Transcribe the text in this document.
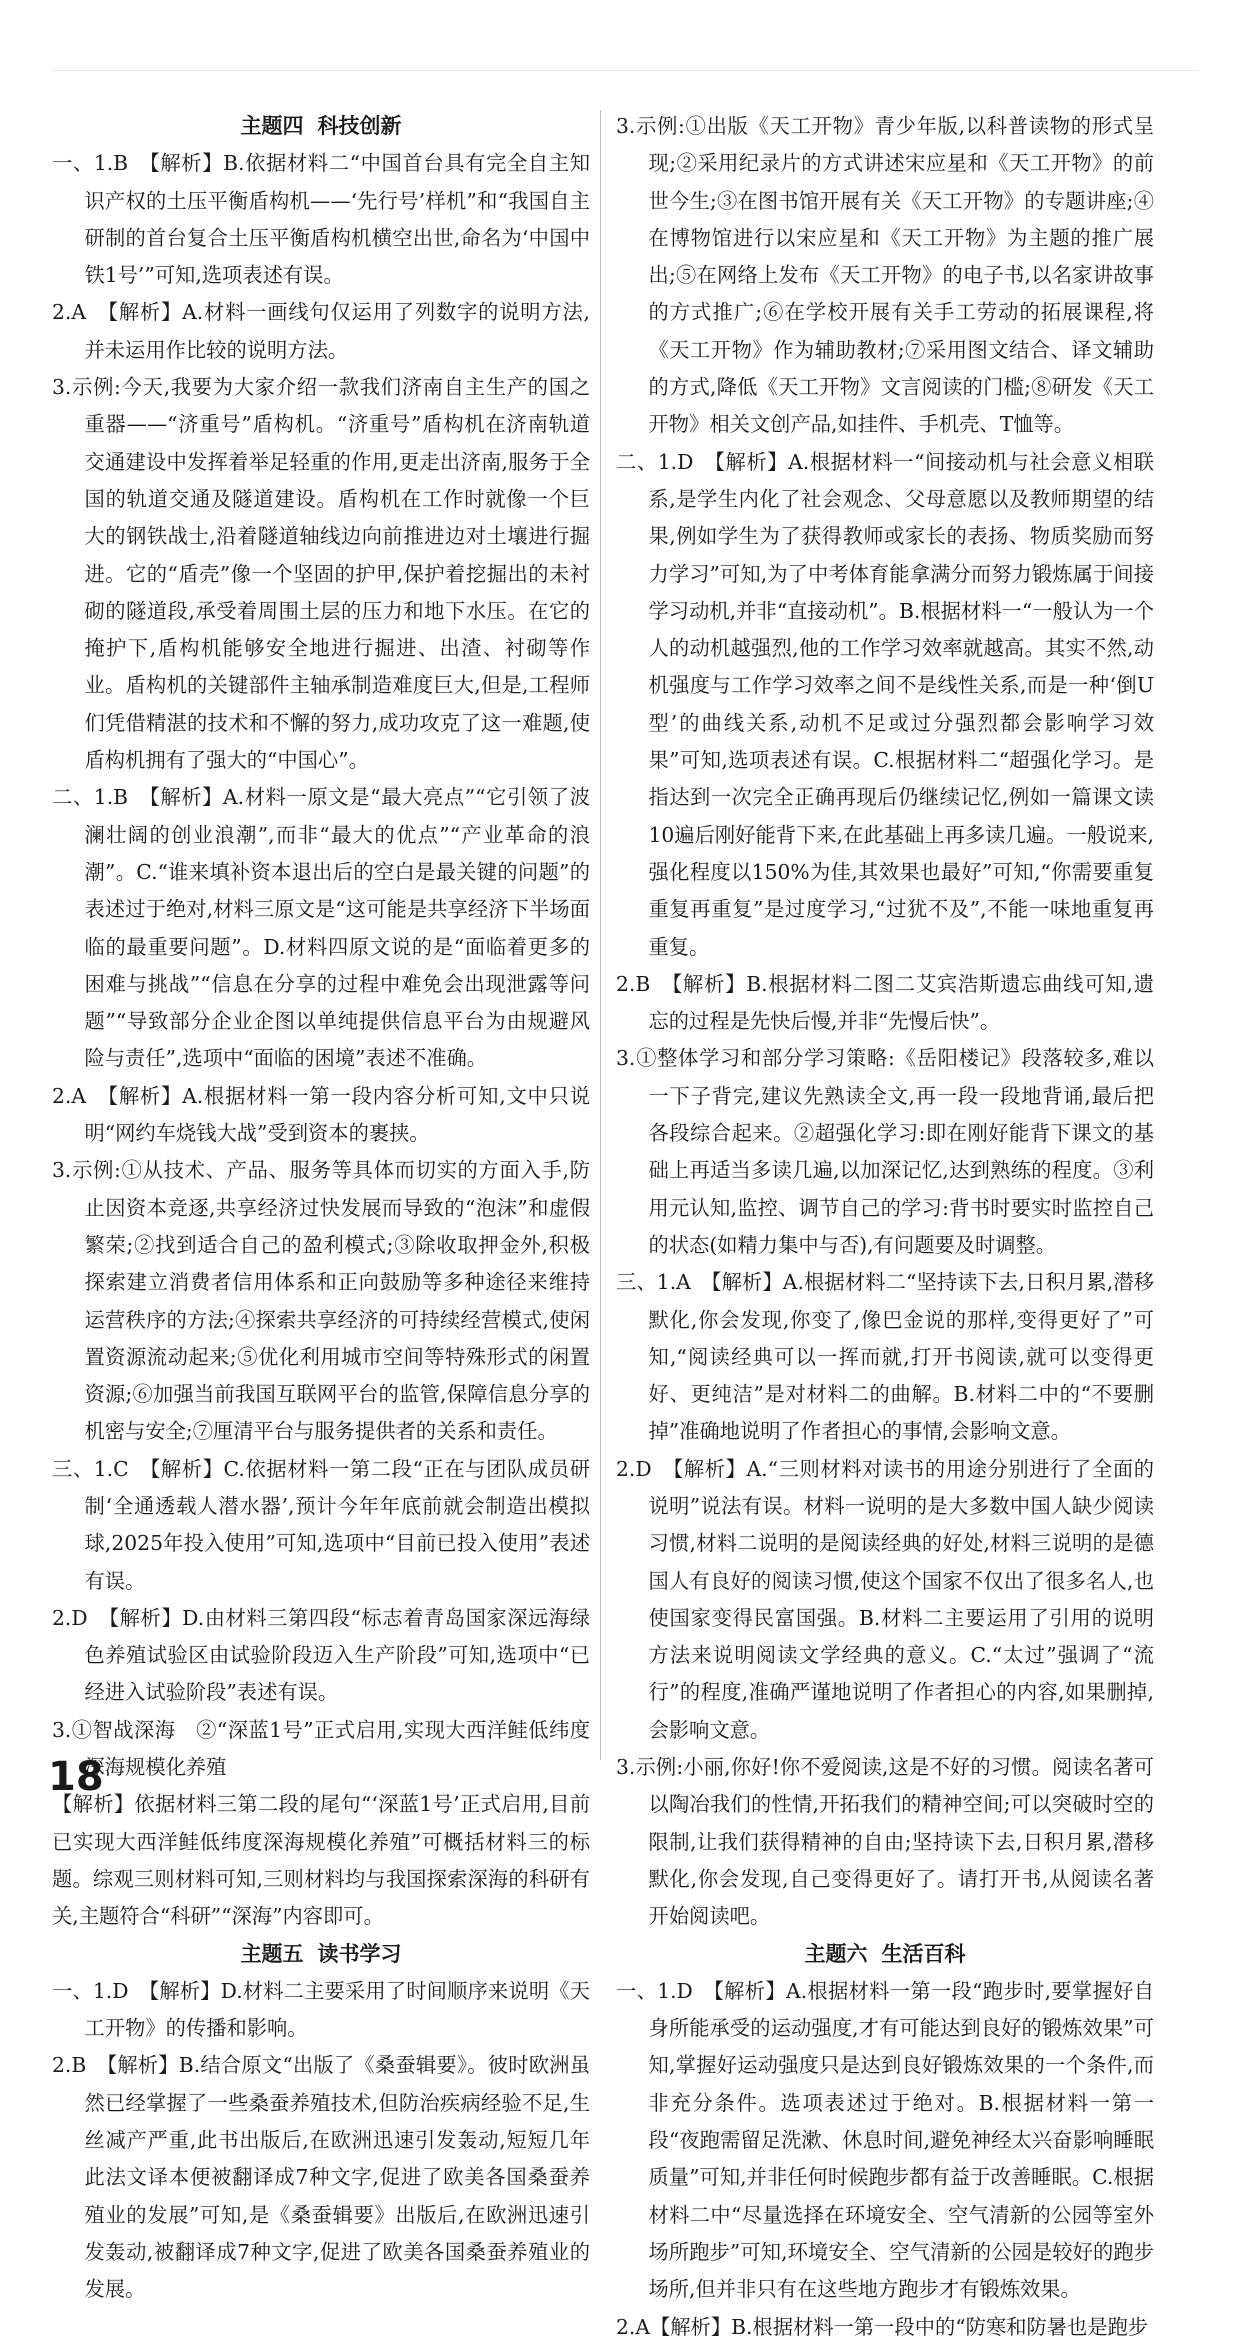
主题四 科技创新

一、1.B　【解析】B.依据材料二“中国首台具有完全自主知识产权的土压平衡盾构机——‘先行号’样机”和“我国自主研制的首台复合土压平衡盾构机横空出世,命名为‘中国中铁1号’”可知,选项表述有误。

2.A　【解析】A.材料一画线句仅运用了列数字的说明方法,并未运用作比较的说明方法。

3.示例:今天,我要为大家介绍一款我们济南自主生产的国之重器——“济重号”盾构机。“济重号”盾构机在济南轨道交通建设中发挥着举足轻重的作用,更走出济南,服务于全国的轨道交通及隧道建设。盾构机在工作时就像一个巨大的钢铁战士,沿着隧道轴线边向前推进边对土壤进行掘进。它的“盾壳”像一个坚固的护甲,保护着挖掘出的未衬砌的隧道段,承受着周围土层的压力和地下水压。在它的掩护下,盾构机能够安全地进行掘进、出渣、衬砌等作业。盾构机的关键部件主轴承制造难度巨大,但是,工程师们凭借精湛的技术和不懈的努力,成功攻克了这一难题,使盾构机拥有了强大的“中国心”。

二、1.B　【解析】A.材料一原文是“最大亮点”“它引领了波澜壮阔的创业浪潮”,而非“最大的优点”“产业革命的浪潮”。C.“谁来填补资本退出后的空白是最关键的问题”的表述过于绝对,材料三原文是“这可能是共享经济下半场面临的最重要问题”。D.材料四原文说的是“面临着更多的困难与挑战”“信息在分享的过程中难免会出现泄露等问题”“导致部分企业企图以单纯提供信息平台为由规避风险与责任”,选项中“面临的困境”表述不准确。

2.A　【解析】A.根据材料一第一段内容分析可知,文中只说明“网约车烧钱大战”受到资本的裹挟。

3.示例:①从技术、产品、服务等具体而切实的方面入手,防止因资本竞逐,共享经济过快发展而导致的“泡沫”和虚假繁荣;②找到适合自己的盈利模式;③除收取押金外,积极探索建立消费者信用体系和正向鼓励等多种途径来维持运营秩序的方法;④探索共享经济的可持续经营模式,使闲置资源流动起来;⑤优化利用城市空间等特殊形式的闲置资源;⑥加强当前我国互联网平台的监管,保障信息分享的机密与安全;⑦厘清平台与服务提供者的关系和责任。

三、1.C　【解析】C.依据材料一第二段“正在与团队成员研制‘全通透载人潜水器’,预计今年年底前就会制造出模拟球,2025年投入使用”可知,选项中“目前已投入使用”表述有误。

2.D　【解析】D.由材料三第四段“标志着青岛国家深远海绿色养殖试验区由试验阶段迈入生产阶段”可知,选项中“已经进入试验阶段”表述有误。

3.①智战深海　②“深蓝1号”正式启用,实现大西洋鲑低纬度深海规模化养殖

【解析】依据材料三第二段的尾句“‘深蓝1号’正式启用,目前已实现大西洋鲑低纬度深海规模化养殖”可概括材料三的标题。综观三则材料可知,三则材料均与我国探索深海的科研有关,主题符合“科研”“深海”内容即可。

主题五 读书学习

一、1.D　【解析】D.材料二主要采用了时间顺序来说明《天工开物》的传播和影响。

2.B　【解析】B.结合原文“出版了《桑蚕辑要》。彼时欧洲虽然已经掌握了一些桑蚕养殖技术,但防治疾病经验不足,生丝减产严重,此书出版后,在欧洲迅速引发轰动,短短几年此法文译本便被翻译成7种文字,促进了欧美各国桑蚕养殖业的发展”可知,是《桑蚕辑要》出版后,在欧洲迅速引发轰动,被翻译成7种文字,促进了欧美各国桑蚕养殖业的发展。

3.示例:①出版《天工开物》青少年版,以科普读物的形式呈现;②采用纪录片的方式讲述宋应星和《天工开物》的前世今生;③在图书馆开展有关《天工开物》的专题讲座;④在博物馆进行以宋应星和《天工开物》为主题的推广展出;⑤在网络上发布《天工开物》的电子书,以名家讲故事的方式推广;⑥在学校开展有关手工劳动的拓展课程,将《天工开物》作为辅助教材;⑦采用图文结合、译文辅助的方式,降低《天工开物》文言阅读的门槛;⑧研发《天工开物》相关文创产品,如挂件、手机壳、T恤等。

二、1.D　【解析】A.根据材料一“间接动机与社会意义相联系,是学生内化了社会观念、父母意愿以及教师期望的结果,例如学生为了获得教师或家长的表扬、物质奖励而努力学习”可知,为了中考体育能拿满分而努力锻炼属于间接学习动机,并非“直接动机”。B.根据材料一“一般认为一个人的动机越强烈,他的工作学习效率就越高。其实不然,动机强度与工作学习效率之间不是线性关系,而是一种‘倒U型’的曲线关系,动机不足或过分强烈都会影响学习效果”可知,选项表述有误。C.根据材料二“超强化学习。是指达到一次完全正确再现后仍继续记忆,例如一篇课文读10遍后刚好能背下来,在此基础上再多读几遍。一般说来,强化程度以150%为佳,其效果也最好”可知,“你需要重复重复再重复”是过度学习,“过犹不及”,不能一味地重复再重复。

2.B　【解析】B.根据材料二图二艾宾浩斯遗忘曲线可知,遗忘的过程是先快后慢,并非“先慢后快”。

3.①整体学习和部分学习策略:《岳阳楼记》段落较多,难以一下子背完,建议先熟读全文,再一段一段地背诵,最后把各段综合起来。②超强化学习:即在刚好能背下课文的基础上再适当多读几遍,以加深记忆,达到熟练的程度。③利用元认知,监控、调节自己的学习:背书时要实时监控自己的状态(如精力集中与否),有问题要及时调整。

三、1.A　【解析】A.根据材料二“坚持读下去,日积月累,潜移默化,你会发现,你变了,像巴金说的那样,变得更好了”可知,“阅读经典可以一挥而就,打开书阅读,就可以变得更好、更纯洁”是对材料二的曲解。B.材料二中的“不要删掉”准确地说明了作者担心的事情,会影响文意。

2.D　【解析】A.“三则材料对读书的用途分别进行了全面的说明”说法有误。材料一说明的是大多数中国人缺少阅读习惯,材料二说明的是阅读经典的好处,材料三说明的是德国人有良好的阅读习惯,使这个国家不仅出了很多名人,也使国家变得民富国强。B.材料二主要运用了引用的说明方法来说明阅读文学经典的意义。C.“太过”强调了“流行”的程度,准确严谨地说明了作者担心的内容,如果删掉,会影响文意。

3.示例:小丽,你好!你不爱阅读,这是不好的习惯。阅读名著可以陶冶我们的性情,开拓我们的精神空间;可以突破时空的限制,让我们获得精神的自由;坚持读下去,日积月累,潜移默化,你会发现,自己变得更好了。请打开书,从阅读名著开始阅读吧。

主题六 生活百科

一、1.D　【解析】A.根据材料一第一段“跑步时,要掌握好自身所能承受的运动强度,才有可能达到良好的锻炼效果”可知,掌握好运动强度只是达到良好锻炼效果的一个条件,而非充分条件。选项表述过于绝对。B.根据材料一第一段“夜跑需留足洗漱、休息时间,避免神经太兴奋影响睡眠质量”可知,并非任何时候跑步都有益于改善睡眠。C.根据材料二中“尽量选择在环境安全、空气清新的公园等室外场所跑步”可知,环境安全、空气清新的公园是较好的跑步场所,但并非只有在这些地方跑步才有锻炼效果。

2.A【解析】B.根据材料一第一段中的“防寒和防暑也是跑步

18
